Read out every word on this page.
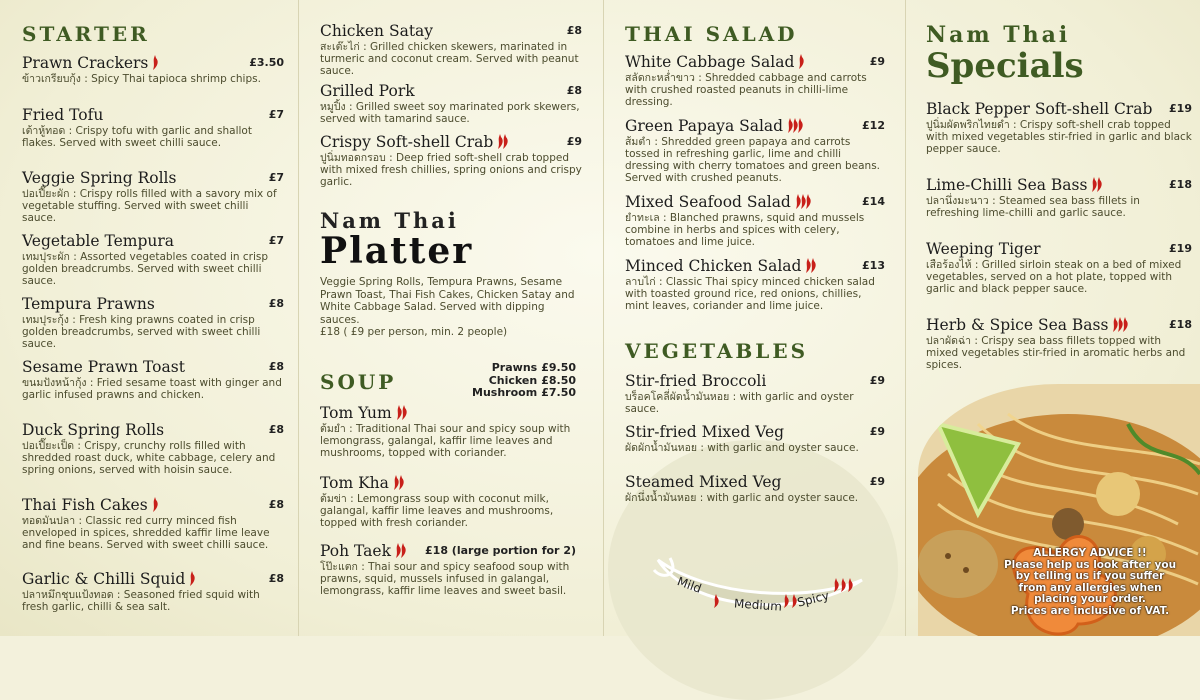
Mild
Medium Spicy
ALLERGY ADVICE !!
Please help us look after you by telling us if you suffer from any allergies when placing your order.
Prices are inclusive of VAT.
STARTER
Prawn Crackers	£3.50
ข้าวเกรียบกุ้ง : Spicy Thai tapioca shrimp chips.
Fried Tofu	£7
เต้าหู้ทอด : Crispy tofu with garlic and shallot flakes. Served with sweet chilli sauce.
Veggie Spring Rolls	£7
ปอเปี๊ยะผัก : Crispy rolls filled with a savory mix of vegetable stuffing. Served with sweet chilli sauce.
Vegetable Tempura	£7
เทมปุระผัก : Assorted vegetables coated in crisp golden breadcrumbs. Served with sweet chilli sauce.
Tempura Prawns	£8
เทมปุระกุ้ง : Fresh king prawns coated in crisp golden breadcrumbs, served with sweet chilli sauce.
Sesame Prawn Toast	£8
ขนมปังหน้ากุ้ง : Fried sesame toast with ginger and garlic infused prawns and chicken.
Duck Spring Rolls	£8
ปอเปี๊ยะเป็ด : Crispy, crunchy rolls filled with shredded roast duck, white cabbage, celery and spring onions, served with hoisin sauce.
Thai Fish Cakes	£8
ทอดมันปลา : Classic red curry minced fish enveloped in spices, shredded kaffir lime leave and fine beans. Served with sweet chilli sauce.
Garlic & Chilli Squid	£8
ปลาหมึกชุบแป้งทอด : Seasoned fried squid with fresh garlic, chilli & sea salt.
Chicken Satay	£8
สะเต๊ะไก่ : Grilled chicken skewers, marinated in turmeric and coconut cream. Served with peanut sauce.
Grilled Pork	£8
หมูปิ้ง : Grilled sweet soy marinated pork skewers, served with tamarind sauce.
Crispy Soft-shell Crab	£9
ปูนิ่มทอดกรอบ : Deep fried soft-shell crab topped with mixed fresh chillies, spring onions and crispy garlic.
Nam Thai
Platter
Veggie Spring Rolls, Tempura Prawns, Sesame Prawn Toast, Thai Fish Cakes, Chicken Satay and White Cabbage Salad. Served with dipping sauces.
£18 ( £9 per person, min. 2 people)
SOUP
Prawns £9.50
Chicken £8.50
Mushroom £7.50
Tom Yum
ต้มยำ : Traditional Thai sour and spicy soup with lemongrass, galangal, kaffir lime leaves and mushrooms, topped with coriander.
Tom Kha
ต้มข่า : Lemongrass soup with coconut milk, galangal, kaffir lime leaves and mushrooms, topped with fresh coriander.
Poh Taek	£18 (large portion for 2)
โป๊ะแตก : Thai sour and spicy seafood soup with prawns, squid, mussels infused in galangal, lemongrass, kaffir lime leaves and sweet basil.
THAI SALAD
White Cabbage Salad	£9
สลัดกะหล่ำขาว : Shredded cabbage and carrots with crushed roasted peanuts in chilli-lime dressing.
Green Papaya Salad	£12
ส้มตำ : Shredded green papaya and carrots tossed in refreshing garlic, lime and chilli dressing with cherry tomatoes and green beans. Served with crushed peanuts.
Mixed Seafood Salad	£14
ยำทะเล : Blanched prawns, squid and mussels combine in herbs and spices with celery, tomatoes and lime juice.
Minced Chicken Salad	£13
ลาบไก่ : Classic Thai spicy minced chicken salad with toasted ground rice, red onions, chillies, mint leaves, coriander and lime juice.
VEGETABLES
Stir-fried Broccoli	£9
บร็อคโคลี่ผัดน้ำมันหอย : with garlic and oyster sauce.
Stir-fried Mixed Veg	£9
ผัดผักน้ำมันหอย : with garlic and oyster sauce.
Steamed Mixed Veg	£9
ผักนึ่งน้ำมันหอย : with garlic and oyster sauce.
Nam Thai
Specials
Black Pepper Soft-shell Crab	£19
ปูนิ่มผัดพริกไทยดำ : Crispy soft-shell crab topped with mixed vegetables stir-fried in garlic and black pepper sauce.
Lime-Chilli Sea Bass	£18
ปลานึ่งมะนาว : Steamed sea bass fillets in refreshing lime-chilli and garlic sauce.
Weeping Tiger	£19
เสือร้องไห้ : Grilled sirloin steak on a bed of mixed vegetables, served on a hot plate, topped with garlic and black pepper sauce.
Herb & Spice Sea Bass	£18
ปลาผัดฉ่า : Crispy sea bass fillets topped with mixed vegetables stir-fried in aromatic herbs and spices.
